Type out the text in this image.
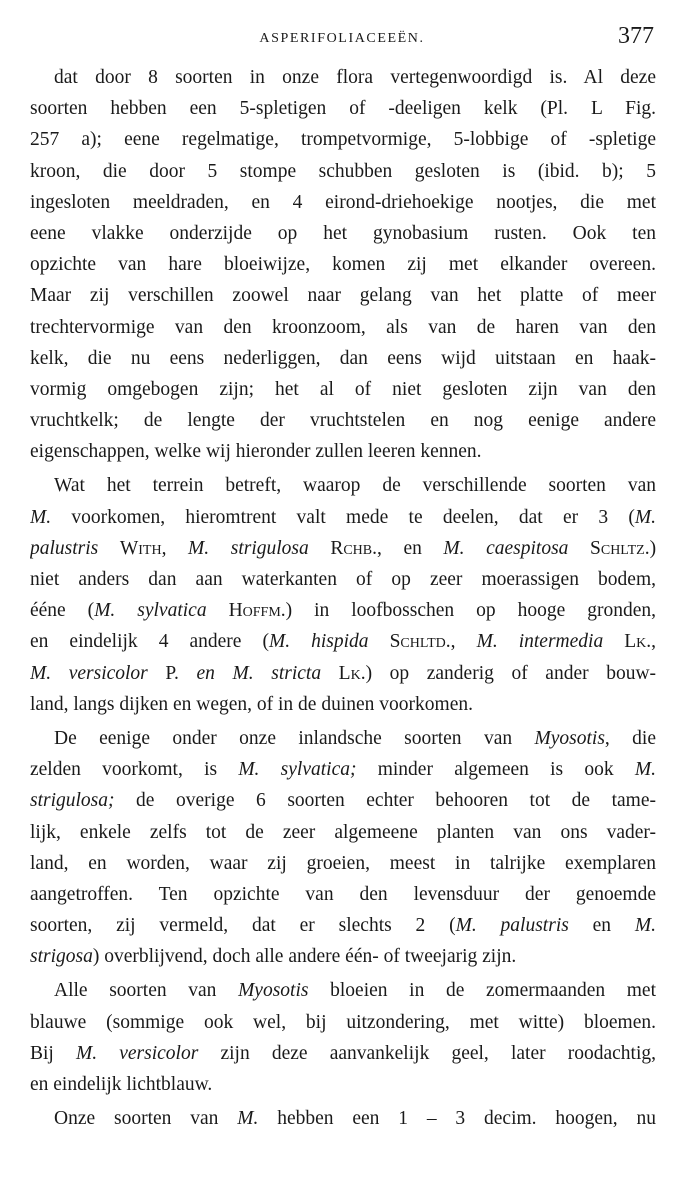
ASPERIFOLIACEEËN.	377
dat door 8 soorten in onze flora vertegenwoordigd is. Al deze
soorten hebben een 5-spletigen of -deeligen kelk (Pl. L Fig.
257 a); eene regelmatige, trompetvormige, 5-lobbige of -spletige
kroon, die door 5 stompe schubben gesloten is (ibid. b); 5
ingesloten meeldraden, en 4 eirond-driehoekige nootjes, die met
eene vlakke onderzijde op het gynobasium rusten. Ook ten
opzichte van hare bloeiwijze, komen zij met elkander overeen.
Maar zij verschillen zoowel naar gelang van het platte of meer
trechtervormige van den kroonzoom, als van de haren van den
kelk, die nu eens nederliggen, dan eens wijd uitstaan en haak-
vormig omgebogen zijn; het al of niet gesloten zijn van den
vruchtkelk; de lengte der vruchtstelen en nog eenige andere
eigenschappen, welke wij hieronder zullen leeren kennen.
Wat het terrein betreft, waarop de verschillende soorten van
M. voorkomen, hieromtrent valt mede te deelen, dat er 3 (M.
palustris With, M. strigulosa Rchb., en M. caespitosa Schltz.)
niet anders dan aan waterkanten of op zeer moerassigen bodem,
ééne (M. sylvatica Hoffm.) in loofbosschen op hooge gronden,
en eindelijk 4 andere (M. hispida Schltd., M. intermedia Lk.,
M. versicolor P. en M. stricta Lk.) op zanderig of ander bouw-
land, langs dijken en wegen, of in de duinen voorkomen.
De eenige onder onze inlandsche soorten van Myosotis, die
zelden voorkomt, is M. sylvatica; minder algemeen is ook M.
strigulosa; de overige 6 soorten echter behooren tot de tame-
lijk, enkele zelfs tot de zeer algemeene planten van ons vader-
land, en worden, waar zij groeien, meest in talrijke exemplaren
aangetroffen. Ten opzichte van den levensduur der genoemde
soorten, zij vermeld, dat er slechts 2 (M. palustris en M.
strigosa) overblijvend, doch alle andere één- of tweejarig zijn.
Alle soorten van Myosotis bloeien in de zomermaanden met
blauwe (sommige ook wel, bij uitzondering, met witte) bloemen.
Bij M. versicolor zijn deze aanvankelijk geel, later roodachtig,
en eindelijk lichtblauw.
Onze soorten van M. hebben een 1 – 3 decim. hoogen, nu
